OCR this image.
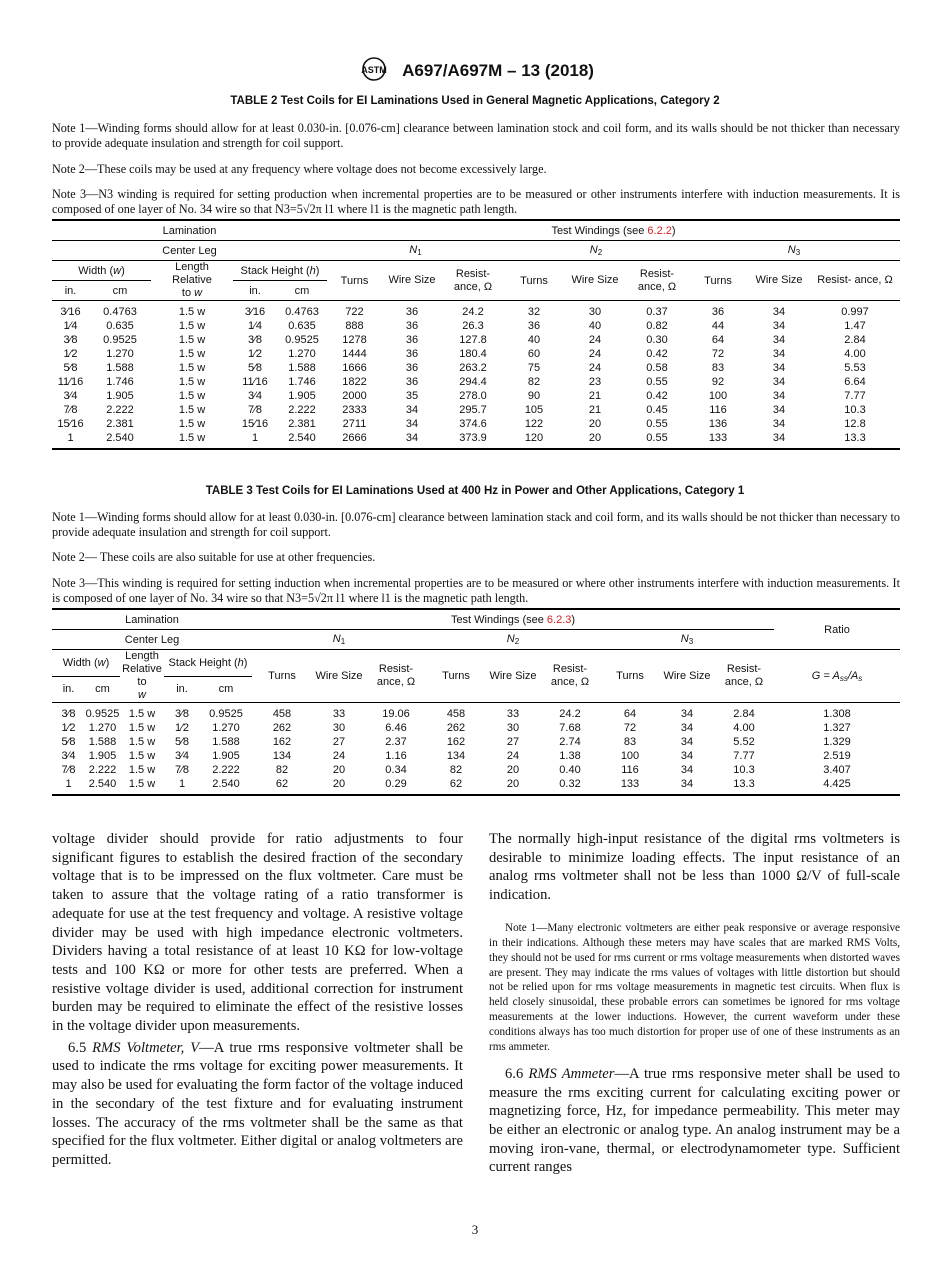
ASTM A697/A697M – 13 (2018)
TABLE 2 Test Coils for EI Laminations Used in General Magnetic Applications, Category 2
Note 1—Winding forms should allow for at least 0.030-in. [0.076-cm] clearance between lamination stock and coil form, and its walls should be not thicker than necessary to provide adequate insulation and strength for coil support.
Note 2—These coils may be used at any frequency where voltage does not become excessively large.
Note 3—N3 winding is required for setting production when incremental properties are to be measured or other instruments interfere with induction measurements. It is composed of one layer of No. 34 wire so that N3=5√2π l1 where l1 is the magnetic path length.
Lamination					Test Windings (see 6.2.2)								
Center Leg					$N_1$			$N_2$			$N_3$
Width (w)		Length
Relative
to w	Stack Height (h)		Turns	Wire Size	Resist- ance, Ω	Turns	Wire Size	Resist- ance, Ω	Turns	Wire Size	Resist- ance, Ω
in.	cm		in.	cm									
3⁄16	0.4763	1.5 w	3⁄16	0.4763	722	36	24.2	32	30	0.37	36	34	0.997
1⁄4	0.635	1.5 w	1⁄4	0.635	888	36	26.3	36	40	0.82	44	34	1.47
3⁄8	0.9525	1.5 w	3⁄8	0.9525	1278	36	127.8	40	24	0.30	64	34	2.84
1⁄2	1.270	1.5 w	1⁄2	1.270	1444	36	180.4	60	24	0.42	72	34	4.00
5⁄8	1.588	1.5 w	5⁄8	1.588	1666	36	263.2	75	24	0.58	83	34	5.53
11⁄16	1.746	1.5 w	11⁄16	1.746	1822	36	294.4	82	23	0.55	92	34	6.64
3⁄4	1.905	1.5 w	3⁄4	1.905	2000	35	278.0	90	21	0.42	100	34	7.77
7⁄8	2.222	1.5 w	7⁄8	2.222	2333	34	295.7	105	21	0.45	116	34	10.3
15⁄16	2.381	1.5 w	15⁄16	2.381	2711	34	374.6	122	20	0.55	136	34	12.8
1	2.540	1.5 w	1	2.540	2666	34	373.9	120	20	0.55	133	34	13.3
TABLE 3 Test Coils for EI Laminations Used at 400 Hz in Power and Other Applications, Category 1
Note 1—Winding forms should allow for at least 0.030-in. [0.076-cm] clearance between lamination stack and coil form, and its walls should be not thicker than necessary to provide adequate insulation and strength for coil support.
Note 2— These coils are also suitable for use at other frequencies.
Note 3—This winding is required for setting induction when incremental properties are to be measured or where other instruments interfere with induction measurements. It is composed of one layer of No. 34 wire so that N3=5√2π l1 where l1 is the magnetic path length.
Lamination					Test Windings (see 6.2.3)									Ratio
Center Leg					$N_1$			$N_2$			$N_3$
Width (w)		Length
Relative
to
w	Stack Height (h)		Turns	Wire Size	Resist- ance, Ω	Turns	Wire Size	Resist- ance, Ω	Turns	Wire Size	Resist- ance, Ω	$G = A_{ss}/A_s$
in.	cm		in.	cm										
3⁄8	0.9525	1.5 w	3⁄8	0.9525	458	33	19.06	458	33	24.2	64	34	2.84	1.308
1⁄2	1.270	1.5 w	1⁄2	1.270	262	30	6.46	262	30	7.68	72	34	4.00	1.327
5⁄8	1.588	1.5 w	5⁄8	1.588	162	27	2.37	162	27	2.74	83	34	5.52	1.329
3⁄4	1.905	1.5 w	3⁄4	1.905	134	24	1.16	134	24	1.38	100	34	7.77	2.519
7⁄8	2.222	1.5 w	7⁄8	2.222	82	20	0.34	82	20	0.40	116	34	10.3	3.407
1	2.540	1.5 w	1	2.540	62	20	0.29	62	20	0.32	133	34	13.3	4.425

voltage divider should provide for ratio adjustments to four significant figures to establish the desired fraction of the secondary voltage that is to be impressed on the flux voltmeter. Care must be taken to assure that the voltage rating of a ratio transformer is adequate for use at the test frequency and voltage. A resistive voltage divider may be used with high impedance electronic voltmeters. Dividers having a total resistance of at least 10 KΩ for low-voltage tests and 100 KΩ or more for other tests are preferred. When a resistive voltage divider is used, additional correction for instrument burden may be required to eliminate the effect of the resistive losses in the voltage divider upon measurements.

6.5 RMS Voltmeter, V—A true rms responsive voltmeter shall be used to indicate the rms voltage for exciting power measurements. It may also be used for evaluating the form factor of the voltage induced in the secondary of the test fixture and for evaluating instrument losses. The accuracy of the rms voltmeter shall be the same as that specified for the flux voltmeter. Either digital or analog voltmeters are permitted.

The normally high-input resistance of the digital rms voltmeters is desirable to minimize loading effects. The input resistance of an analog rms voltmeter shall not be less than 1000 Ω/V of full-scale indication.

Note 1—Many electronic voltmeters are either peak responsive or average responsive in their indications. Although these meters may have scales that are marked RMS Volts, they should not be used for rms current or rms voltage measurements when distorted waves are present. They may indicate the rms values of voltages with little distortion but should not be relied upon for rms voltage measurements in magnetic test circuits. When flux is held closely sinusoidal, these probable errors can sometimes be ignored for rms voltage measurements at the lower inductions. However, the current waveform under these conditions always has too much distortion for proper use of one of these instruments as an rms ammeter.

6.6 RMS Ammeter—A true rms responsive meter shall be used to measure the rms exciting current for calculating exciting power or magnetizing force, Hz, for impedance permeability. This meter may be either an electronic or analog type. An analog instrument may be a moving iron-vane, thermal, or electrodynamometer type. Sufficient current ranges

3
